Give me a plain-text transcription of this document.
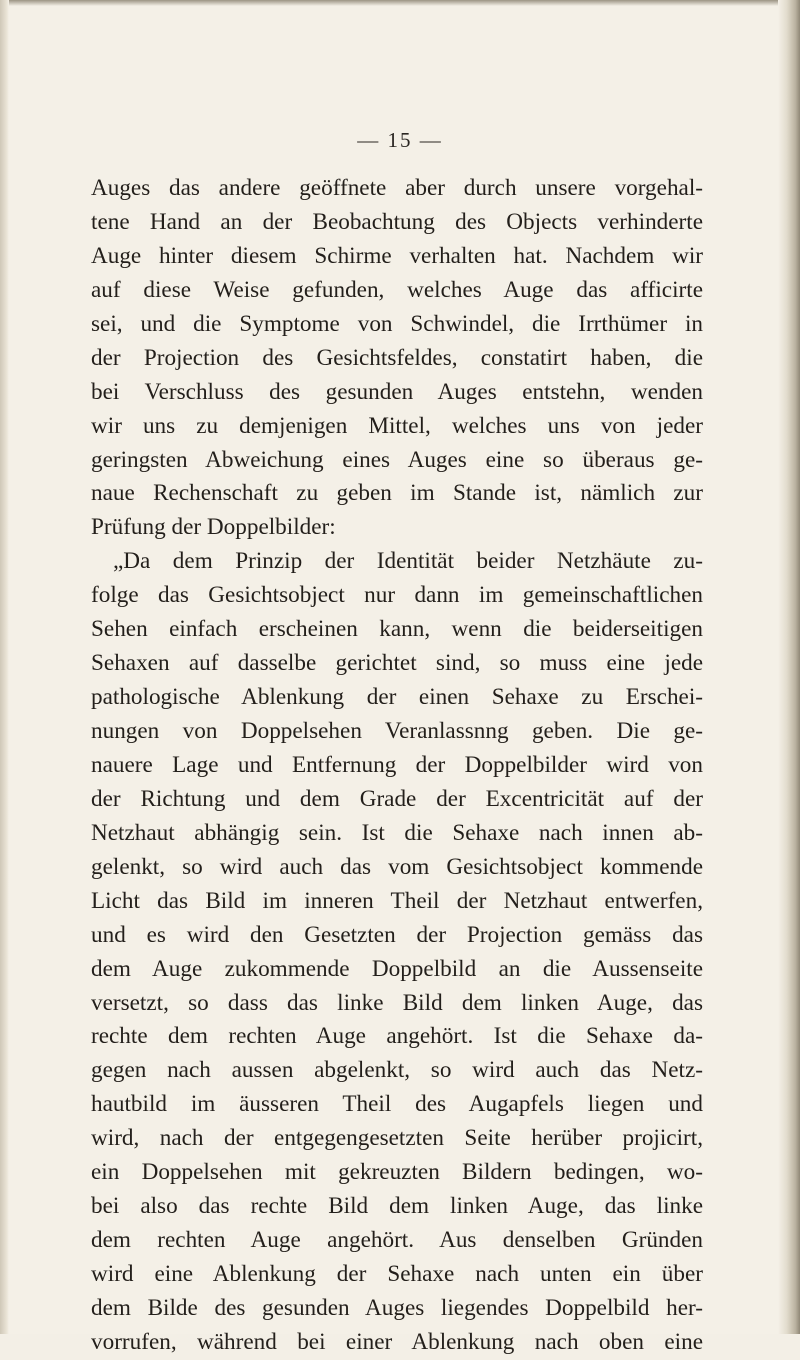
— 15 —
Auges das andere geöffnete aber durch unsere vorgehal-
tene Hand an der Beobachtung des Objects verhinderte
Auge hinter diesem Schirme verhalten hat. Nachdem wir
auf diese Weise gefunden, welches Auge das afficirte
sei, und die Symptome von Schwindel, die Irrthümer in
der Projection des Gesichtsfeldes, constatirt haben, die
bei Verschluss des gesunden Auges entstehn, wenden
wir uns zu demjenigen Mittel, welches uns von jeder
geringsten Abweichung eines Auges eine so überaus ge-
naue Rechenschaft zu geben im Stande ist, nämlich zur
Prüfung der Doppelbilder:
„Da dem Prinzip der Identität beider Netzhäute zu-
folge das Gesichtsobject nur dann im gemeinschaftlichen
Sehen einfach erscheinen kann, wenn die beiderseitigen
Sehaxen auf dasselbe gerichtet sind, so muss eine jede
pathologische Ablenkung der einen Sehaxe zu Erschei-
nungen von Doppelsehen Veranlassnng geben. Die ge-
nauere Lage und Entfernung der Doppelbilder wird von
der Richtung und dem Grade der Excentricität auf der
Netzhaut abhängig sein. Ist die Sehaxe nach innen ab-
gelenkt, so wird auch das vom Gesichtsobject kommende
Licht das Bild im inneren Theil der Netzhaut entwerfen,
und es wird den Gesetzten der Projection gemäss das
dem Auge zukommende Doppelbild an die Aussenseite
versetzt, so dass das linke Bild dem linken Auge, das
rechte dem rechten Auge angehört. Ist die Sehaxe da-
gegen nach aussen abgelenkt, so wird auch das Netz-
hautbild im äusseren Theil des Augapfels liegen und
wird, nach der entgegengesetzten Seite herüber projicirt,
ein Doppelsehen mit gekreuzten Bildern bedingen, wo-
bei also das rechte Bild dem linken Auge, das linke
dem rechten Auge angehört. Aus denselben Gründen
wird eine Ablenkung der Sehaxe nach unten ein über
dem Bilde des gesunden Auges liegendes Doppelbild her-
vorrufen, während bei einer Ablenkung nach oben eine
